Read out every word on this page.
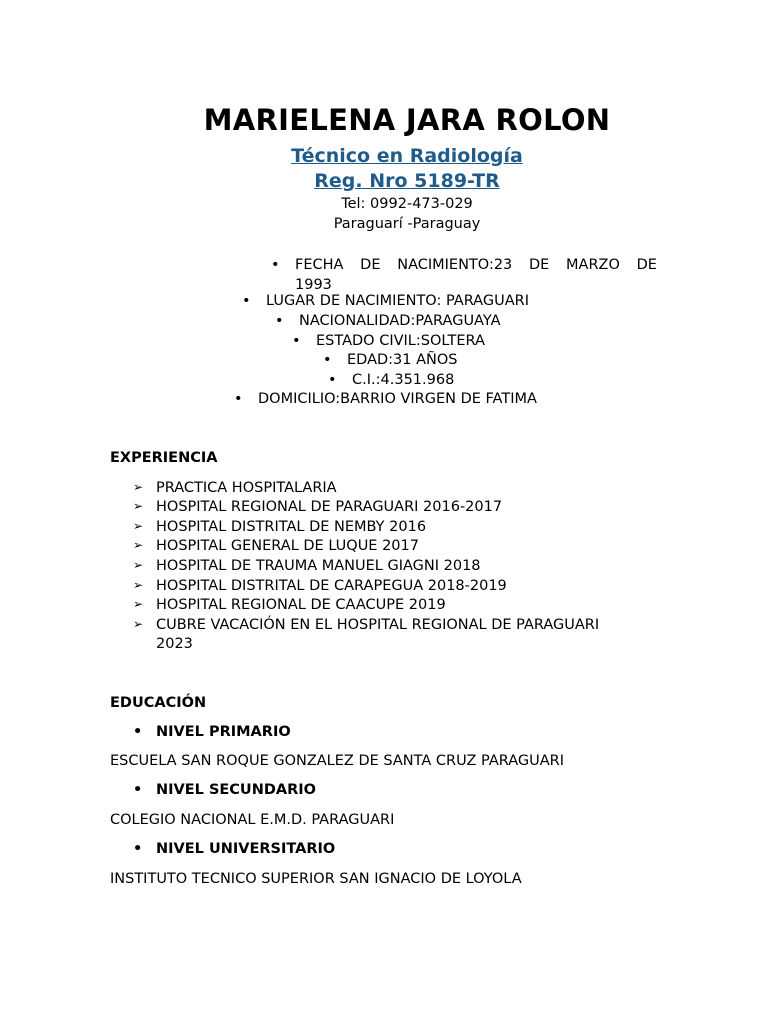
MARIELENA JARA ROLON
Técnico en Radiología
Reg. Nro 5189-TR
Tel: 0992-473-029
Paraguarí -Paraguay
• FECHA DE NACIMIENTO:23 DE MARZO DE
1993
• LUGAR DE NACIMIENTO: PARAGUARI
• NACIONALIDAD:PARAGUAYA
• ESTADO CIVIL:SOLTERA
• EDAD:31 AÑOS
• C.I.:4.351.968
• DOMICILIO:BARRIO VIRGEN DE FATIMA
EXPERIENCIA
➢ PRACTICA HOSPITALARIA
➢ HOSPITAL REGIONAL DE PARAGUARI 2016-2017
➢ HOSPITAL DISTRITAL DE NEMBY 2016
➢ HOSPITAL GENERAL DE LUQUE 2017
➢ HOSPITAL DE TRAUMA MANUEL GIAGNI 2018
➢ HOSPITAL DISTRITAL DE CARAPEGUA 2018-2019
➢ HOSPITAL REGIONAL DE CAACUPE 2019
➢ CUBRE VACACIÓN EN EL HOSPITAL REGIONAL DE PARAGUARI
2023
EDUCACIÓN
• NIVEL PRIMARIO
ESCUELA SAN ROQUE GONZALEZ DE SANTA CRUZ PARAGUARI
• NIVEL SECUNDARIO
COLEGIO NACIONAL E.M.D. PARAGUARI
• NIVEL UNIVERSITARIO
INSTITUTO TECNICO SUPERIOR SAN IGNACIO DE LOYOLA
